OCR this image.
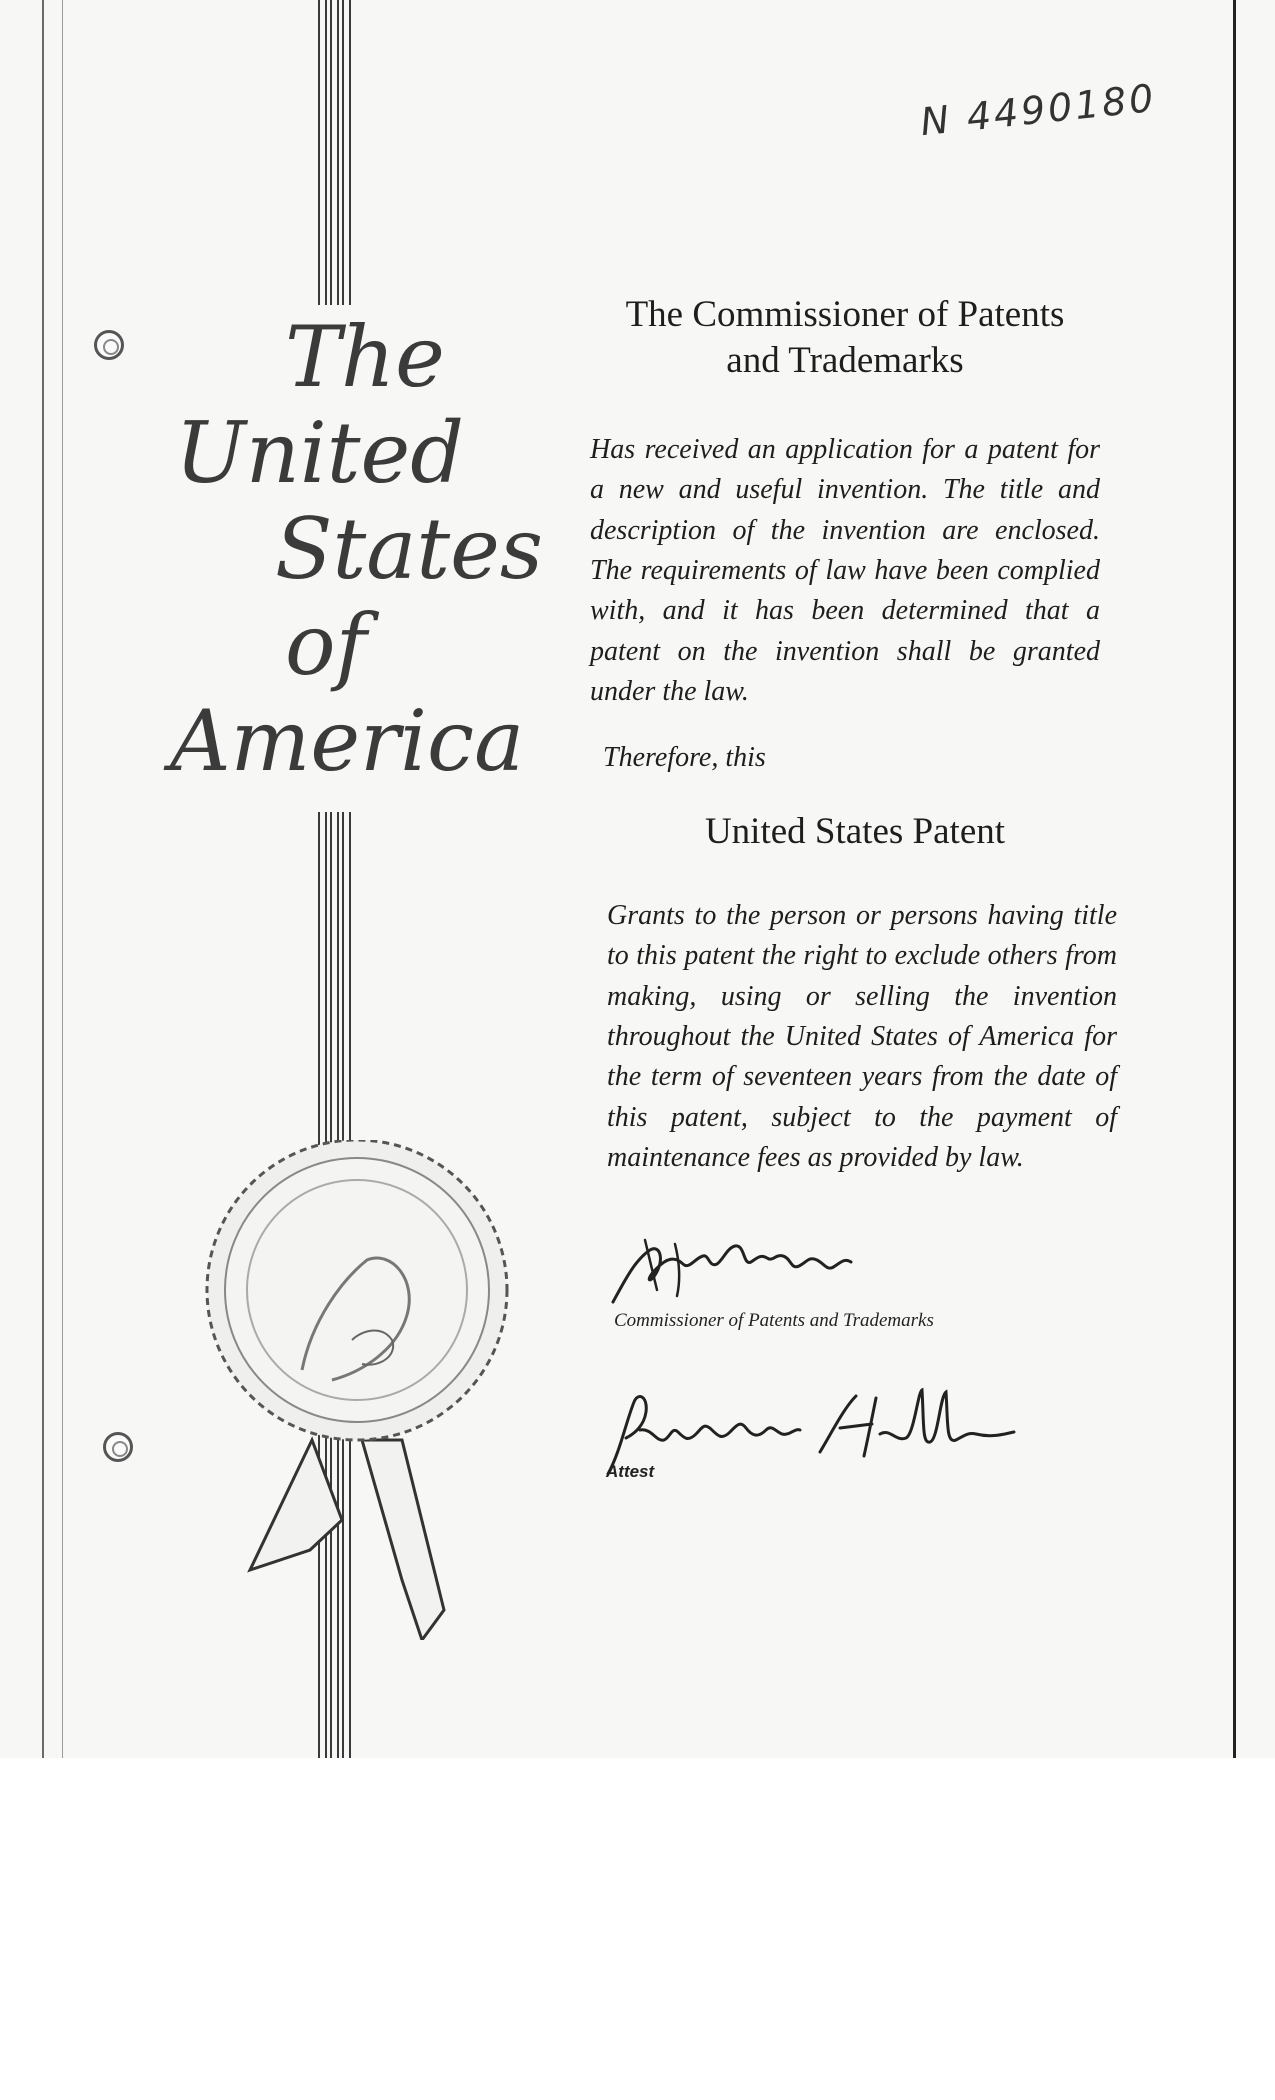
N 4490180
The
United
States
of
America
The Commissioner of Patents
and Trademarks
Has received an application for a patent for a new and useful invention. The title and description of the invention are enclosed. The requirements of law have been complied with, and it has been determined that a patent on the invention shall be granted under the law.
Therefore, this
United States Patent
Grants to the person or persons having title to this patent the right to exclude others from making, using or selling the invention throughout the United States of America for the term of seventeen years from the date of this patent, subject to the payment of maintenance fees as provided by law.
Commissioner of Patents and Trademarks
Attest
